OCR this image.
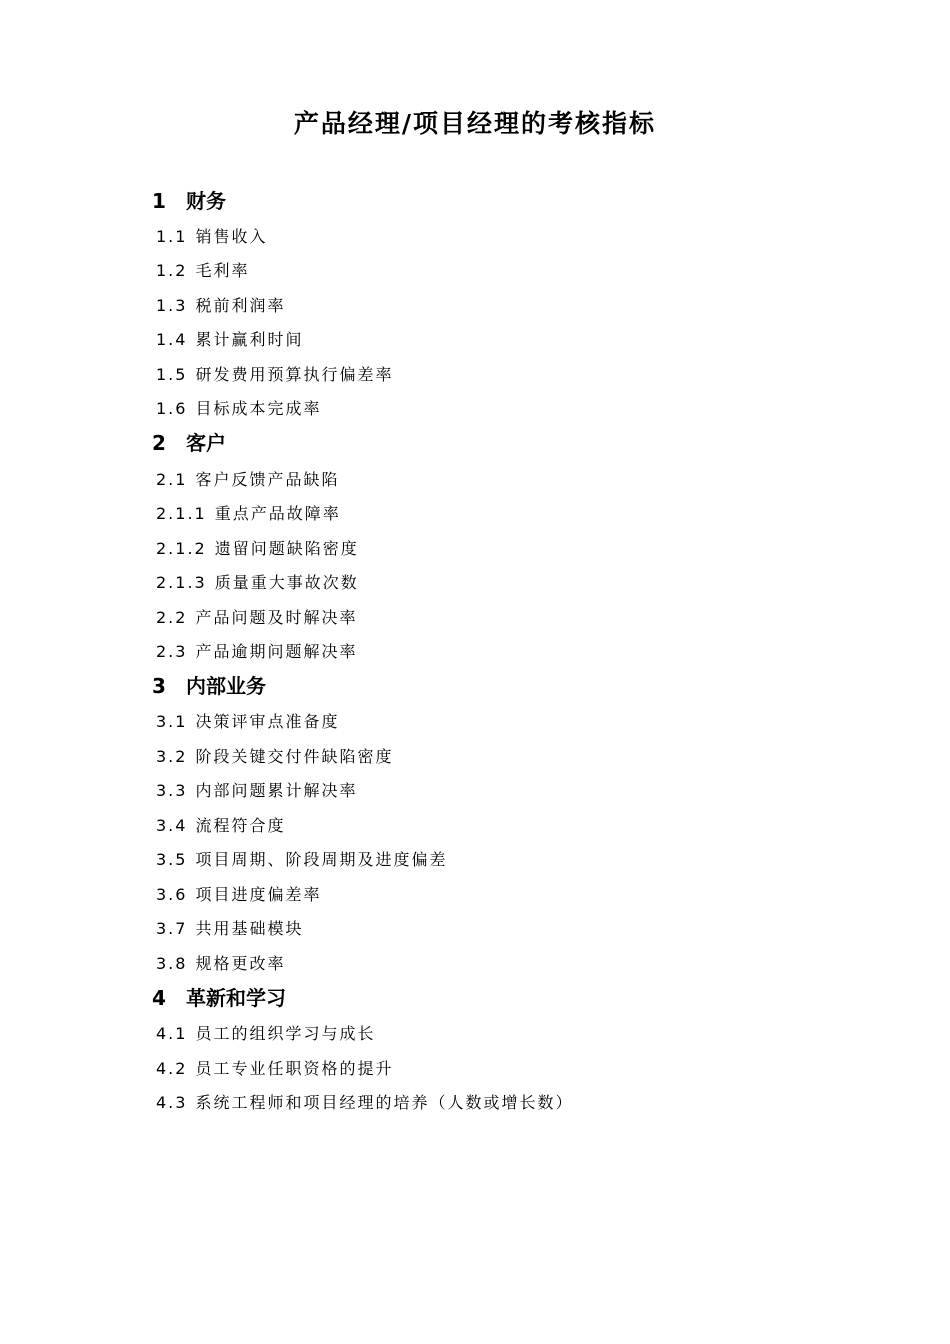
产品经理/项目经理的考核指标
1 财务
1.1 销售收入
1.2 毛利率
1.3 税前利润率
1.4 累计赢利时间
1.5 研发费用预算执行偏差率
1.6 目标成本完成率
2 客户
2.1 客户反馈产品缺陷
2.1.1 重点产品故障率
2.1.2 遗留问题缺陷密度
2.1.3 质量重大事故次数
2.2 产品问题及时解决率
2.3 产品逾期问题解决率
3 内部业务
3.1 决策评审点准备度
3.2 阶段关键交付件缺陷密度
3.3 内部问题累计解决率
3.4 流程符合度
3.5 项目周期、阶段周期及进度偏差
3.6 项目进度偏差率
3.7 共用基础模块
3.8 规格更改率
4 革新和学习
4.1 员工的组织学习与成长
4.2 员工专业任职资格的提升
4.3 系统工程师和项目经理的培养（人数或增长数）
